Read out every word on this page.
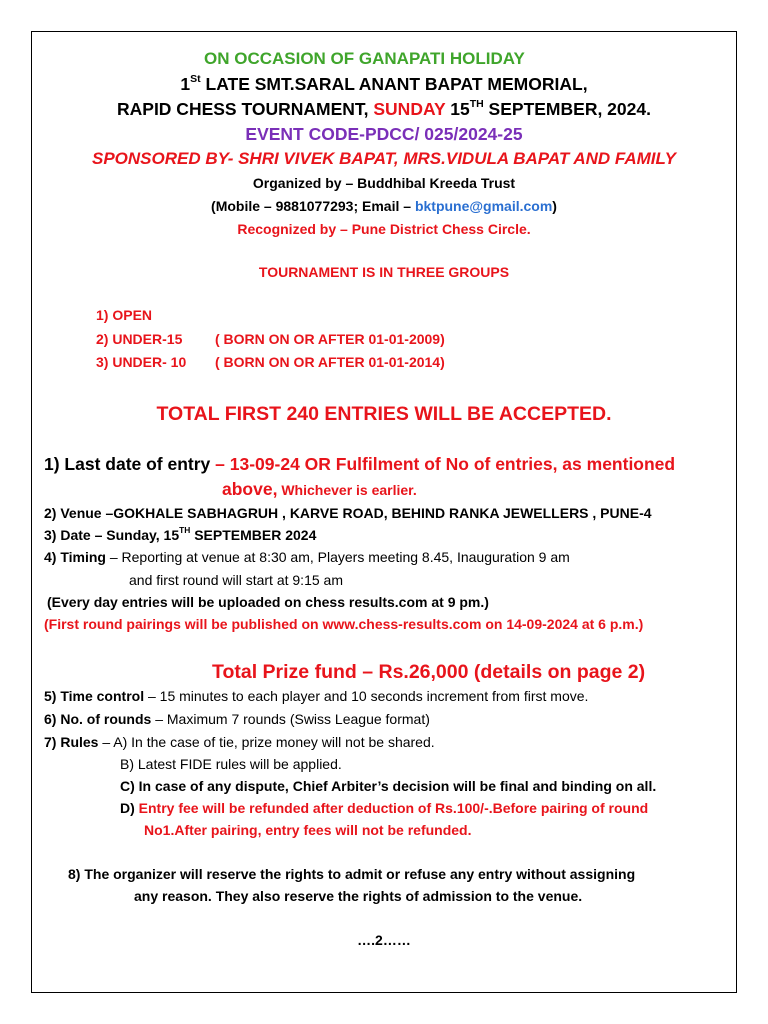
ON OCCASION OF GANAPATI HOLIDAY
1St LATE SMT.SARAL ANANT BAPAT MEMORIAL,
RAPID CHESS TOURNAMENT, SUNDAY 15TH SEPTEMBER, 2024.
EVENT CODE-PDCC/ 025/2024-25
SPONSORED BY- SHRI VIVEK BAPAT, MRS.VIDULA BAPAT AND FAMILY
Organized by – Buddhibal Kreeda Trust
(Mobile – 9881077293; Email – bktpune@gmail.com)
Recognized by – Pune District Chess Circle.
TOURNAMENT IS IN THREE GROUPS
1) OPEN
2) UNDER-15 ( BORN ON OR AFTER 01-01-2009)
3) UNDER- 10 ( BORN ON OR AFTER 01-01-2014)
TOTAL FIRST 240 ENTRIES WILL BE ACCEPTED.
1) Last date of entry – 13-09-24 OR Fulfilment of No of entries, as mentioned
above, Whichever is earlier.
2) Venue –GOKHALE SABHAGRUH , KARVE ROAD, BEHIND RANKA JEWELLERS , PUNE-4
3) Date – Sunday, 15TH SEPTEMBER 2024
4) Timing – Reporting at venue at 8:30 am, Players meeting 8.45, Inauguration 9 am
and first round will start at 9:15 am
(Every day entries will be uploaded on chess results.com at 9 pm.)
(First round pairings will be published on www.chess-results.com on 14-09-2024 at 6 p.m.)
Total Prize fund – Rs.26,000 (details on page 2)
5) Time control – 15 minutes to each player and 10 seconds increment from first move.
6) No. of rounds – Maximum 7 rounds (Swiss League format)
7) Rules – A) In the case of tie, prize money will not be shared.
B) Latest FIDE rules will be applied.
C) In case of any dispute, Chief Arbiter’s decision will be final and binding on all.
D) Entry fee will be refunded after deduction of Rs.100/-.Before pairing of round
No1.After pairing, entry fees will not be refunded.
8) The organizer will reserve the rights to admit or refuse any entry without assigning
any reason. They also reserve the rights of admission to the venue.
….2……
